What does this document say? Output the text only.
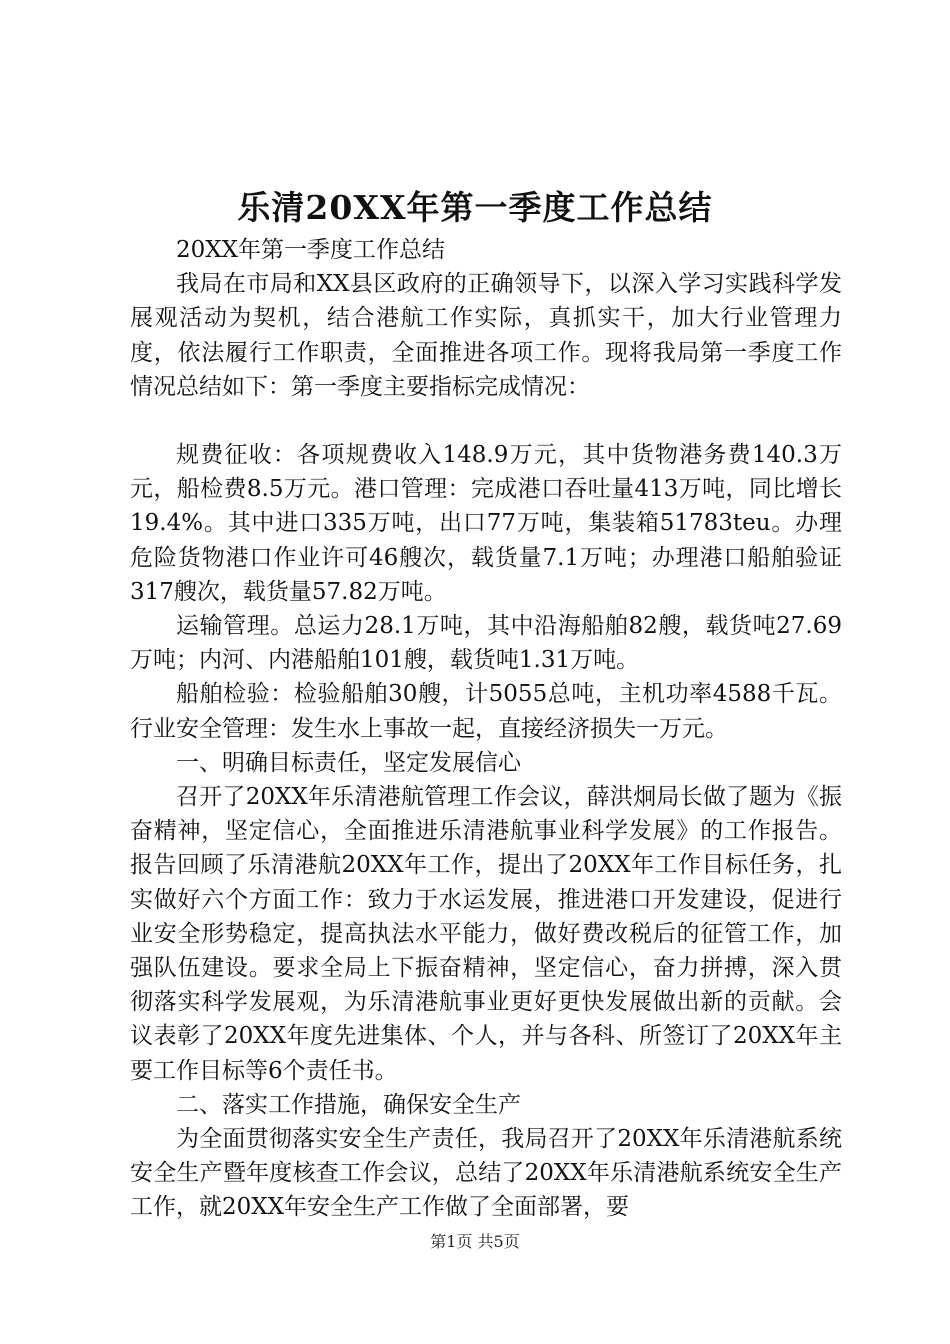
乐清20XX年第一季度工作总结

20XX年第一季度工作总结

我局在市局和XX县区政府的正确领导下，以深入学习实践科学发展观活动为契机，结合港航工作实际，真抓实干，加大行业管理力度，依法履行工作职责，全面推进各项工作。现将我局第一季度工作情况总结如下：第一季度主要指标完成情况：

规费征收：各项规费收入148.9万元，其中货物港务费140.3万元，船检费8.5万元。港口管理：完成港口吞吐量413万吨，同比增长19.4%。其中进口335万吨，出口77万吨，集装箱51783teu。办理危险货物港口作业许可46艘次，载货量7.1万吨；办理港口船舶验证317艘次，载货量57.82万吨。

运输管理。总运力28.1万吨，其中沿海船舶82艘，载货吨27.69万吨；内河、内港船舶101艘，载货吨1.31万吨。

船舶检验：检验船舶30艘，计5055总吨，主机功率4588千瓦。行业安全管理：发生水上事故一起，直接经济损失一万元。

一、明确目标责任，坚定发展信心

召开了20XX年乐清港航管理工作会议，薛洪炯局长做了题为《振奋精神，坚定信心，全面推进乐清港航事业科学发展》的工作报告。报告回顾了乐清港航20XX年工作，提出了20XX年工作目标任务，扎实做好六个方面工作：致力于水运发展，推进港口开发建设，促进行业安全形势稳定，提高执法水平能力，做好费改税后的征管工作，加强队伍建设。要求全局上下振奋精神，坚定信心，奋力拼搏，深入贯彻落实科学发展观，为乐清港航事业更好更快发展做出新的贡献。会议表彰了20XX年度先进集体、个人，并与各科、所签订了20XX年主要工作目标等6个责任书。

二、落实工作措施，确保安全生产

为全面贯彻落实安全生产责任，我局召开了20XX年乐清港航系统安全生产暨年度核查工作会议，总结了20XX年乐清港航系统安全生产工作，就20XX年安全生产工作做了全面部署，要

第1页 共5页
